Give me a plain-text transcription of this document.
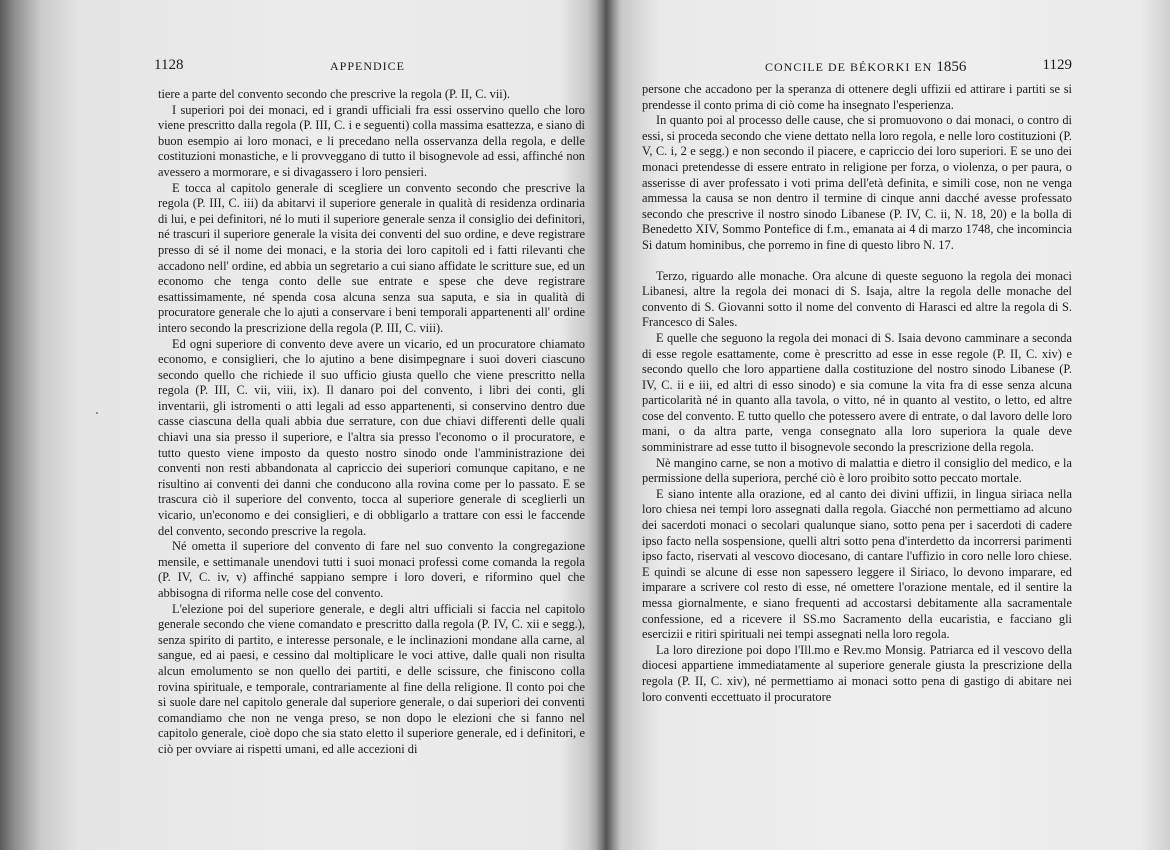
1128	APPENDICE

tiere a parte del convento secondo che prescrive la regola (P. II, C. vii).

I superiori poi dei monaci, ed i grandi ufficiali fra essi osservino quello che loro viene prescritto dalla regola (P. III, C. i e seguenti) colla massima esattezza, e siano di buon esempio ai loro monaci, e li precedano nella osservanza della regola, e delle costituzioni monastiche, e li provveggano di tutto il bisognevole ad essi, affinché non avessero a mormorare, e si divagassero i loro pensieri.

E tocca al capitolo generale di scegliere un convento secondo che prescrive la regola (P. III, C. iii) da abitarvi il superiore generale in qualità di residenza ordinaria di lui, e pei definitori, né lo muti il superiore generale senza il consiglio dei definitori, né trascuri il superiore generale la visita dei conventi del suo ordine, e deve registrare presso di sé il nome dei monaci, e la storia dei loro capitoli ed i fatti rilevanti che accadono nell' ordine, ed abbia un segretario a cui siano affidate le scritture sue, ed un economo che tenga conto delle sue entrate e spese che deve registrare esattissimamente, né spenda cosa alcuna senza sua saputa, e sia in qualità di procuratore generale che lo ajuti a conservare i beni temporali appartenenti all' ordine intero secondo la prescrizione della regola (P. III, C. viii).

Ed ogni superiore di convento deve avere un vicario, ed un procuratore chiamato economo, e consiglieri, che lo ajutino a bene disimpegnare i suoi doveri ciascuno secondo quello che richiede il suo ufficio giusta quello che viene prescritto nella regola (P. III, C. vii, viii, ix). Il danaro poi del convento, i libri dei conti, gli inventarii, gli istromenti o atti legali ad esso appartenenti, si conservino dentro due casse ciascuna della quali abbia due serrature, con due chiavi differenti delle quali chiavi una sia presso il superiore, e l'altra sia presso l'economo o il procuratore, e tutto questo viene imposto da questo nostro sinodo onde l'amministrazione dei conventi non resti abbandonata al capriccio dei superiori comunque capitano, e ne risultino ai conventi dei danni che conducono alla rovina come per lo passato. E se trascura ciò il superiore del convento, tocca al superiore generale di sceglierli un vicario, un'economo e dei consiglieri, e di obbligarlo a trattare con essi le faccende del convento, secondo prescrive la regola.

Né ometta il superiore del convento di fare nel suo convento la congregazione mensile, e settimanale unendovi tutti i suoi monaci professi come comanda la regola (P. IV, C. iv, v) affinché sappiano sempre i loro doveri, e riformino quel che abbisogna di riforma nelle cose del convento.

L'elezione poi del superiore generale, e degli altri ufficiali si faccia nel capitolo generale secondo che viene comandato e prescritto dalla regola (P. IV, C. xii e segg.), senza spirito di partito, e interesse personale, e le inclinazioni mondane alla carne, al sangue, ed ai paesi, e cessino dal moltiplicare le voci attive, dalle quali non risulta alcun emolumento se non quello dei partiti, e delle scissure, che finiscono colla rovina spirituale, e temporale, contrariamente al fine della religione. Il conto poi che si suole dare nel capitolo generale dal superiore generale, o dai superiori dei conventi comandiamo che non ne venga preso, se non dopo le elezioni che si fanno nel capitolo generale, cioè dopo che sia stato eletto il superiore generale, ed i definitori, e ciò per ovviare ai rispetti umani, ed alle accezioni di

CONCILE DE BÉKORKI EN 1856	1129

persone che accadono per la speranza di ottenere degli uffizii ed attirare i partiti se si prendesse il conto prima di ciò come ha insegnato l'esperienza.

In quanto poi al processo delle cause, che si promuovono o dai monaci, o contro di essi, si proceda secondo che viene dettato nella loro regola, e nelle loro costituzioni (P. V, C. i, 2 e segg.) e non secondo il piacere, e capriccio dei loro superiori. E se uno dei monaci pretendesse di essere entrato in religione per forza, o violenza, o per paura, o asserisse di aver professato i voti prima dell'età definita, e simili cose, non ne venga ammessa la causa se non dentro il termine di cinque anni dacché avesse professato secondo che prescrive il nostro sinodo Libanese (P. IV, C. ii, N. 18, 20) e la bolla di Benedetto XIV, Sommo Pontefice di f.m., emanata ai 4 di marzo 1748, che incomincia Si datum hominibus, che porremo in fine di questo libro N. 17.

Terzo, riguardo alle monache. Ora alcune di queste seguono la regola dei monaci Libanesi, altre la regola dei monaci di S. Isaja, altre la regola delle monache del convento di S. Giovanni sotto il nome del convento di Harasci ed altre la regola di S. Francesco di Sales.

E quelle che seguono la regola dei monaci di S. Isaia devono camminare a seconda di esse regole esattamente, come è prescritto ad esse in esse regole (P. II, C. xiv) e secondo quello che loro appartiene dalla costituzione del nostro sinodo Libanese (P. IV, C. ii e iii, ed altri di esso sinodo) e sia comune la vita fra di esse senza alcuna particolarità né in quanto alla tavola, o vitto, né in quanto al vestito, o letto, ed altre cose del convento. E tutto quello che potessero avere di entrate, o dal lavoro delle loro mani, o da altra parte, venga consegnato alla loro superiora la quale deve somministrare ad esse tutto il bisognevole secondo la prescrizione della regola.

Nè mangino carne, se non a motivo di malattia e dietro il consiglio del medico, e la permissione della superiora, perché ciò è loro proibito sotto peccato mortale.

E siano intente alla orazione, ed al canto dei divini uffizii, in lingua siriaca nella loro chiesa nei tempi loro assegnati dalla regola. Giacché non permettiamo ad alcuno dei sacerdoti monaci o secolari qualunque siano, sotto pena per i sacerdoti di cadere ipso facto nella sospensione, quelli altri sotto pena d'interdetto da incorrersi parimenti ipso facto, riservati al vescovo diocesano, di cantare l'uffizio in coro nelle loro chiese. E quindi se alcune di esse non sapessero leggere il Siriaco, lo devono imparare, ed imparare a scrivere col resto di esse, né omettere l'orazione mentale, ed il sentire la messa giornalmente, e siano frequenti ad accostarsi debitamente alla sacramentale confessione, ed a ricevere il SS.mo Sacramento della eucaristia, e facciano gli esercizii e ritiri spirituali nei tempi assegnati nella loro regola.

La loro direzione poi dopo l'Ill.mo e Rev.mo Monsig. Patriarca ed il vescovo della diocesi appartiene immediatamente al superiore generale giusta la prescrizione della regola (P. II, C. xiv), né permettiamo ai monaci sotto pena di gastigo di abitare nei loro conventi eccettuato il procuratore
